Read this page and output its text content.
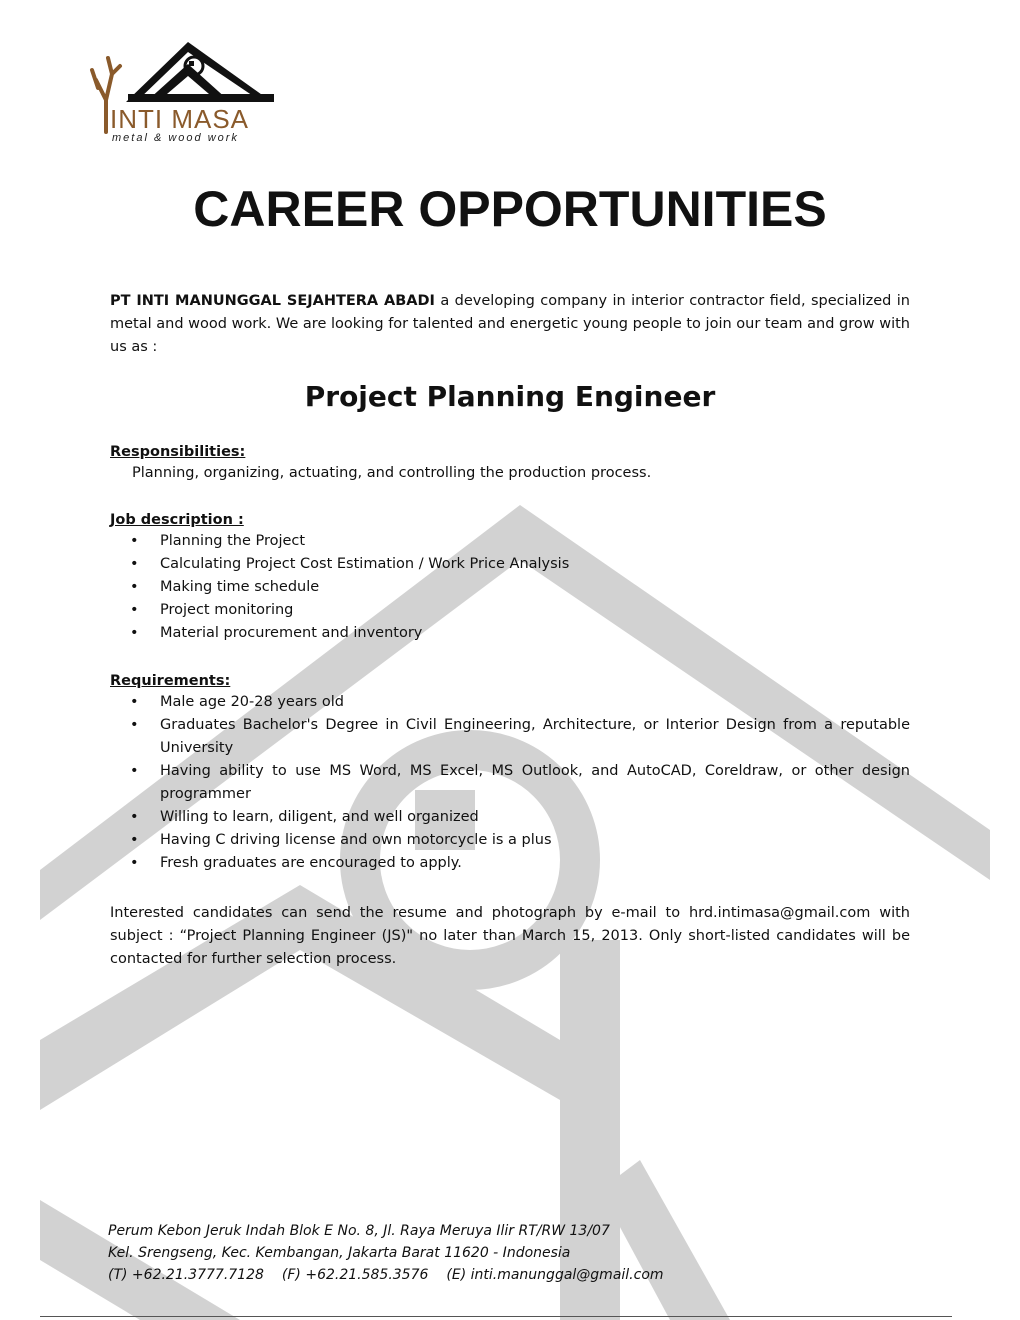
INTI MASA
metal & wood work
CAREER OPPORTUNITIES

PT INTI MANUNGGAL SEJAHTERA ABADI a developing company in interior contractor field, specialized in metal and wood work. We are looking for talented and energetic young people to join our team and grow with us as :

Project Planning Engineer

Responsibilities:

Planning, organizing, actuating, and controlling the production process.

Job description :

• Planning the Project
• Calculating Project Cost Estimation / Work Price Analysis
• Making time schedule
• Project monitoring
• Material procurement and inventory

Requirements:

• Male age 20-28 years old
• Graduates Bachelor's Degree in Civil Engineering, Architecture, or Interior Design from a reputable University
• Having ability to use MS Word, MS Excel, MS Outlook, and AutoCAD, Coreldraw, or other design programmer
• Willing to learn, diligent, and well organized
• Having C driving license and own motorcycle is a plus
• Fresh graduates are encouraged to apply.

Interested candidates can send the resume and photograph by e-mail to hrd.intimasa@gmail.com with subject : “Project Planning Engineer (JS)" no later than March 15, 2013. Only short-listed candidates will be contacted for further selection process.

Perum Kebon Jeruk Indah Blok E No. 8, Jl. Raya Meruya Ilir RT/RW 13/07
Kel. Srengseng, Kec. Kembangan, Jakarta Barat 11620 - Indonesia
(T) +62.21.3777.7128 (F) +62.21.585.3576 (E) inti.manunggal@gmail.com
